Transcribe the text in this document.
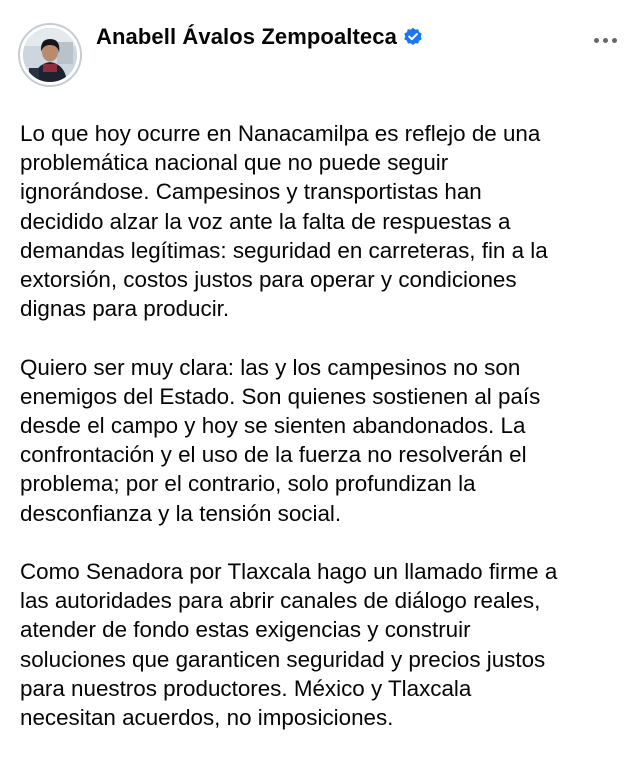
Anabell Ávalos Zempoalteca

Lo que hoy ocurre en Nanacamilpa es reflejo de una
problemática nacional que no puede seguir
ignorándose. Campesinos y transportistas han
decidido alzar la voz ante la falta de respuestas a
demandas legítimas: seguridad en carreteras, fin a la
extorsión, costos justos para operar y condiciones
dignas para producir.

Quiero ser muy clara: las y los campesinos no son
enemigos del Estado. Son quienes sostienen al país
desde el campo y hoy se sienten abandonados. La
confrontación y el uso de la fuerza no resolverán el
problema; por el contrario, solo profundizan la
desconfianza y la tensión social.

Como Senadora por Tlaxcala hago un llamado firme a
las autoridades para abrir canales de diálogo reales,
atender de fondo estas exigencias y construir
soluciones que garanticen seguridad y precios justos
para nuestros productores. México y Tlaxcala
necesitan acuerdos, no imposiciones.
